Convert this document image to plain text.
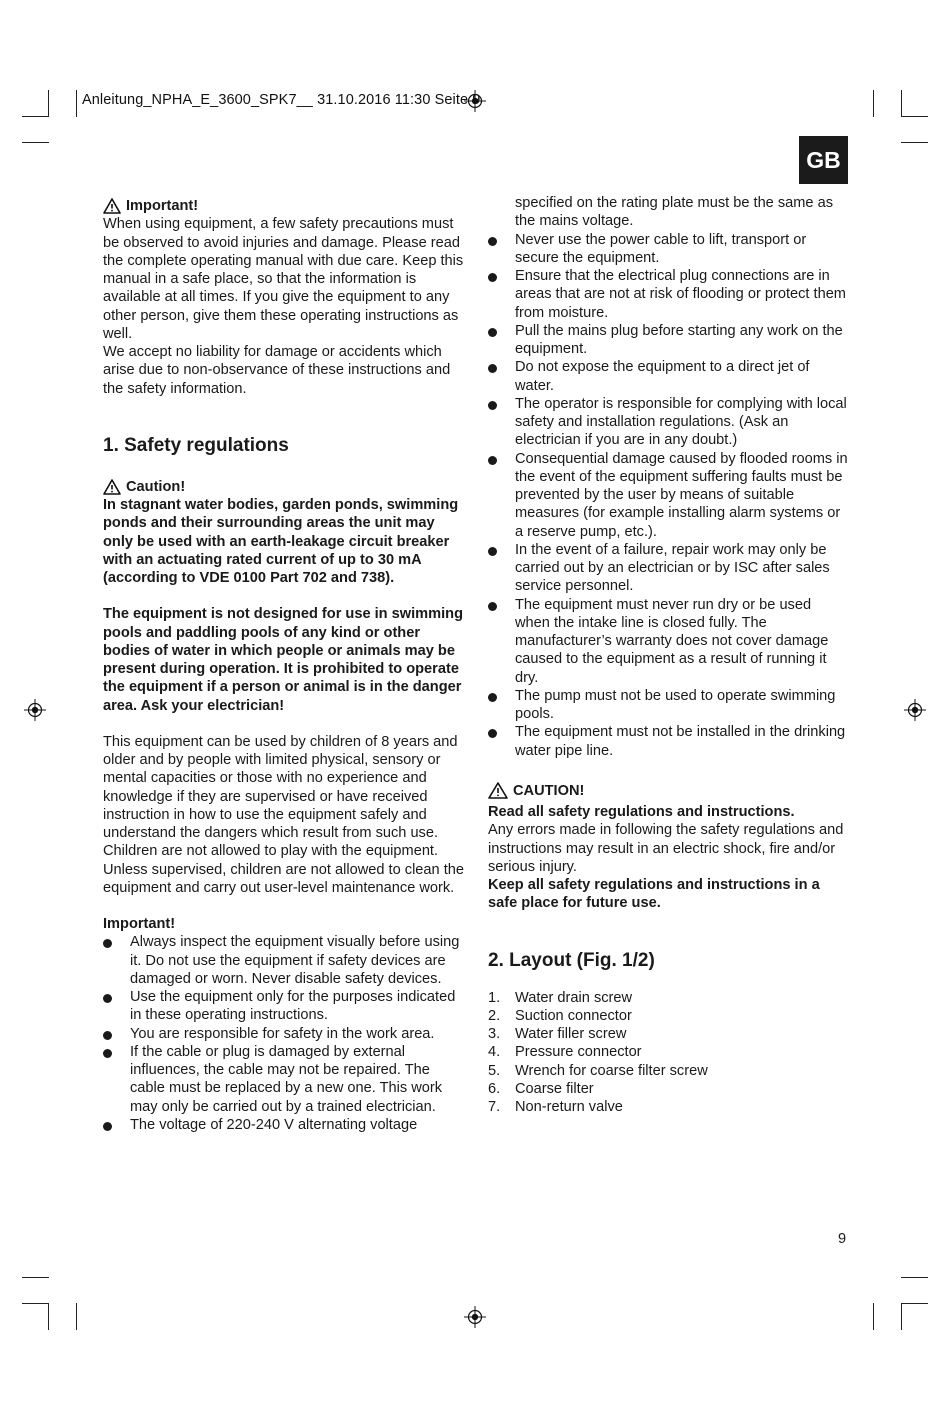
Anleitung_NPHA_E_3600_SPK7__ 31.10.2016 11:30 Seite 9
GB
Important!

When using equipment, a few safety precautions must be observed to avoid injuries and damage. Please read the complete operating manual with due care. Keep this manual in a safe place, so that the information is available at all times. If you give the equipment to any other person, give them these operating instructions as well.

We accept no liability for damage or accidents which arise due to non-observance of these instructions and the safety information.

1. Safety regulations
Caution!

In stagnant water bodies, garden ponds, swimming ponds and their surrounding areas the unit may only be used with an earth-leakage circuit breaker with an actuating rated current of up to 30 mA (according to VDE 0100 Part 702 and 738).

The equipment is not designed for use in swimming pools and paddling pools of any kind or other bodies of water in which people or animals may be present during operation. It is prohibited to operate the equipment if a person or animal is in the danger area. Ask your electrician!

This equipment can be used by children of 8 years and older and by people with limited physical, sensory or mental capacities or those with no experience and knowledge if they are supervised or have received instruction in how to use the equipment safely and understand the dangers which result from such use. Children are not allowed to play with the equipment. Unless supervised, children are not allowed to clean the equipment and carry out user-level maintenance work.

Important!

Always inspect the equipment visually before using it. Do not use the equipment if safety devices are damaged or worn. Never disable safety devices.
Use the equipment only for the purposes indicated in these operating instructions.
You are responsible for safety in the work area.
If the cable or plug is damaged by external influences, the cable may not be repaired. The cable must be replaced by a new one. This work may only be carried out by a trained electrician.
The voltage of 220-240 V alternating voltage

specified on the rating plate must be the same as the mains voltage.

Never use the power cable to lift, transport or secure the equipment.
Ensure that the electrical plug connections are in areas that are not at risk of flooding or protect them from moisture.
Pull the mains plug before starting any work on the equipment.
Do not expose the equipment to a direct jet of water.
The operator is responsible for complying with local safety and installation regulations. (Ask an electrician if you are in any doubt.)
Consequential damage caused by flooded rooms in the event of the equipment suffering faults must be prevented by the user by means of suitable measures (for example installing alarm systems or a reserve pump, etc.).
In the event of a failure, repair work may only be carried out by an electrician or by ISC after sales service personnel.
The equipment must never run dry or be used when the intake line is closed fully. The manufacturer’s warranty does not cover damage caused to the equipment as a result of running it dry.
The pump must not be used to operate swimming pools.
The equipment must not be installed in the drinking water pipe line.
CAUTION!

Read all safety regulations and instructions.

Any errors made in following the safety regulations and instructions may result in an electric shock, fire and/or serious injury.

Keep all safety regulations and instructions in a safe place for future use.

2. Layout (Fig. 1/2)
1.	Water drain screw
2.	Suction connector
3.	Water filler screw
4.	Pressure connector
5.	Wrench for coarse filter screw
6.	Coarse filter
7.	Non-return valve
9
